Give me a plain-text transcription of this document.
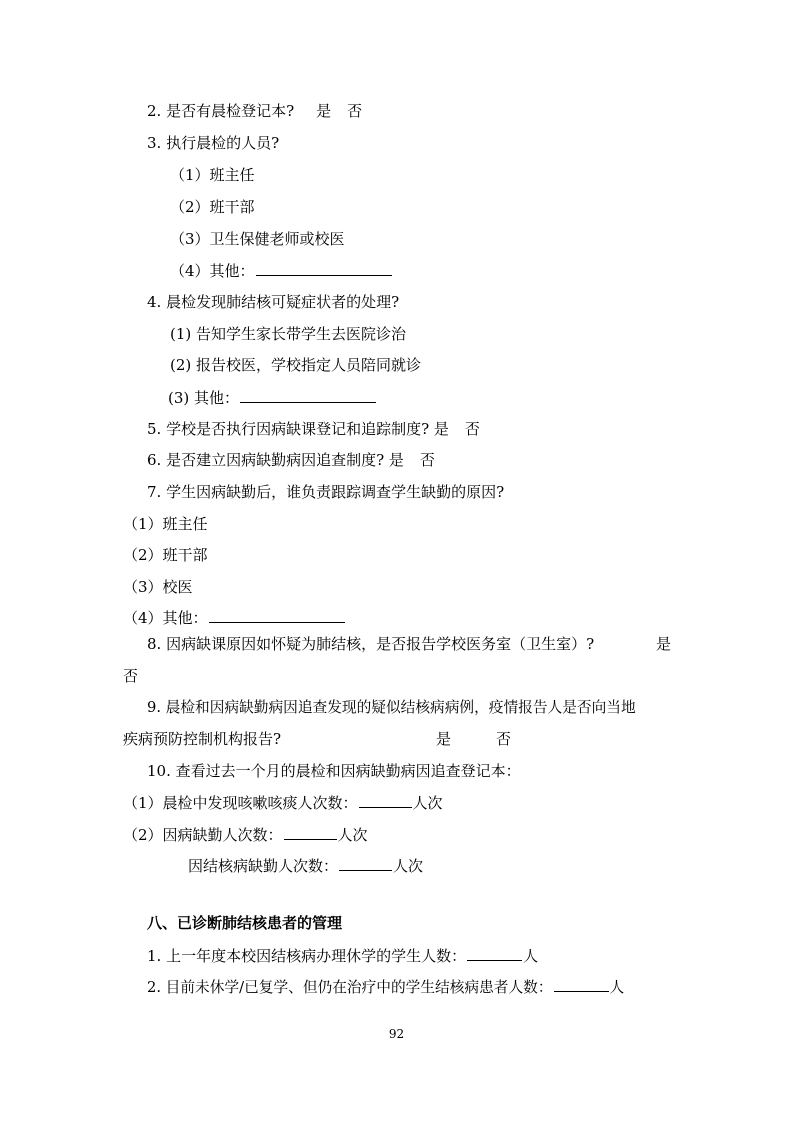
2. 是否有晨检登记本? 是 否
3. 执行晨检的人员?
（1）班主任
（2）班干部
（3）卫生保健老师或校医
（4）其他：
4. 晨检发现肺结核可疑症状者的处理?
(1) 告知学生家长带学生去医院诊治
(2) 报告校医，学校指定人员陪同就诊
(3) 其他：
5. 学校是否执行因病缺课登记和追踪制度? 是 否
6. 是否建立因病缺勤病因追查制度? 是 否
7. 学生因病缺勤后，谁负责跟踪调查学生缺勤的原因?
（1）班主任
（2）班干部
（3）校医
（4）其他：
8. 因病缺课原因如怀疑为肺结核，是否报告学校医务室（卫生室）?	是
否
9. 晨检和因病缺勤病因追查发现的疑似结核病病例，疫情报告人是否向当地
疾病预防控制机构报告?	是	否
10. 查看过去一个月的晨检和因病缺勤病因追查登记本：
（1）晨检中发现咳嗽咳痰人次数：	人次
（2）因病缺勤人次数：	人次
因结核病缺勤人次数：	人次
八、已诊断肺结核患者的管理
1. 上一年度本校因结核病办理休学的学生人数：	人
2. 目前未休学/已复学、但仍在治疗中的学生结核病患者人数：	人
92
